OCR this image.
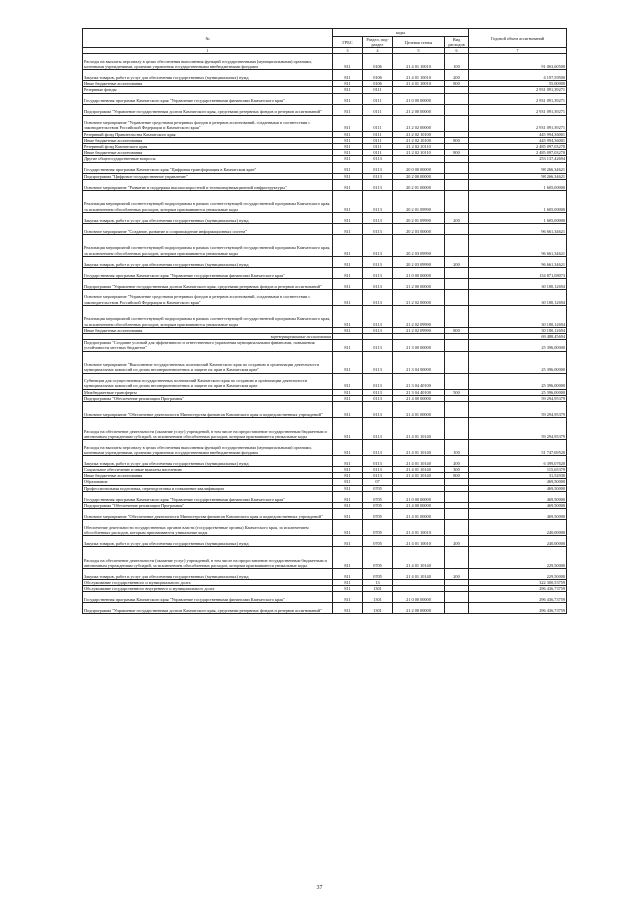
№	коды				Годовой объем ассигнований
	ГРБС	Раздел, под-раздел	Целевая статья	Вид расходов	
1	3	4	5	6	7
Расходы на выплаты персоналу в целях обеспечения выполнения функций государственными (муниципальными) органами, казенными учреждениями, органами управления государственными внебюджетными фондами	811	0106	21 4 01 10010	100	91 063,60500
Закупка товаров, работ и услуг для обеспечения государственных (муниципальных) нужд	811	0106	21 4 01 10010	200	4 197,59500
Иные бюджетные ассигнования	811	0106	21 4 01 10010	800	55,00000
Резервные фонды	811	0111			2 931 091,39271
Государственная программа Камчатского края "Управление государственными финансами Камчатского края"	811	0111	21 0 00 00000		2 931 091,39271
Подпрограмма "Управление государственным долгом Камчатского края, средствами резервных фондов и резервов ассигнований"	811	0111	21 2 00 00000		2 931 091,39271
Основное мероприятие "Управление средствами резервных фондов и резервов ассигнований, созданными в соответствии с законодательством Российской Федерации и Камчатского края"	811	0111	21 2 02 00000		2 931 091,39271
Резервный фонд Правительства Камчатского края	811	0111	21 2 02 10100		445 994,36001
Иные бюджетные ассигнования	811	0111	21 2 02 10100	800	445 994,36001
Резервный фонд Камчатского края	811	0111	21 2 02 10110		2 485 097,03270
Иные бюджетные ассигнования	811	0111	21 2 02 10110	800	2 485 097,03270
Другие общегосударственные вопросы	811	0113			253 137,42694
Государственная программа Камчатского края "Цифровая трансформация в Камчатском крае"	811	0113	20 0 00 00000		98 266,34621
Подпрограмма "Цифровое государственное управление"	811	0113	20 2 00 00000		98 266,34621
Основное мероприятие "Развитие и поддержка высокоскоростной и телекоммуникационной инфраструктуры"	811	0113	20 2 01 00000		1 605,00000
Реализация мероприятий соответствующей подпрограммы в рамках соответствующей государственной программы Камчатского края, за исключением обособленных расходов, которым присваиваются уникальные коды	811	0113	20 2 01 09990		1 605,00000
Закупка товаров, работ и услуг для обеспечения государственных (муниципальных) нужд	811	0113	20 2 01 09990	200	1 605,00000
Основное мероприятие "Создание, развитие и сопровождение информационных систем"	811	0113	20 2 03 00000		96 661,34621
Реализация мероприятий соответствующей подпрограммы в рамках соответствующей государственной программы Камчатского края, за исключением обособленных расходов, которым присваиваются уникальные коды	811	0113	20 2 03 09990		96 661,34621
Закупка товаров, работ и услуг для обеспечения государственных (муниципальных) нужд	811	0113	20 2 03 09990	200	96 661,34621
Государственная программа Камчатского края "Управление государственными финансами Камчатского края"	811	0113	21 0 00 00000		154 871,08073
Подпрограмма "Управление государственным долгом Камчатского края, средствами резервных фондов и резервов ассигнований"	811	0113	21 2 00 00000		30 180,12694
Основное мероприятие "Управление средствами резервных фондов и резервов ассигнований, созданными в соответствии с законодательством Российской Федерации и Камчатского края"	811	0113	21 2 02 00000		30 180,12694
Реализация мероприятий соответствующей подпрограммы в рамках соответствующей государственной программы Камчатского края, за исключением обособленных расходов, которым присваиваются уникальные коды	811	0113	21 2 02 09990		30 180,12694
Иные бюджетные ассигнования	811	0113	21 2 02 09990	800	30 180,12694
зарезервированные ассигнования					69 488,45694
Подпрограмма "Создание условий для эффективного и ответственного управления муниципальными финансами, повышения устойчивости местных бюджетов"	811	0113	21 3 00 00000		25 396,00000
Основное мероприятие "Выполнение государственных полномочий Камчатского края по созданию и организации деятельности муниципальных комиссий по делам несовершеннолетних и защите их прав в Камчатском крае"	811	0113	21 3 04 00000		25 396,00000
Субвенции для осуществления государственных полномочий Камчатского края по созданию и организации деятельности муниципальных комиссий по делам несовершеннолетних и защите их прав в Камчатском крае	811	0113	21 3 04 40100		25 396,00000
Межбюджетные трансферты	811	0113	21 3 04 40100	500	25 396,00000
Подпрограмма "Обеспечение реализации Программы"	811	0113	21 4 00 00000		59 294,95379
Основное мероприятие "Обеспечение деятельности Министерства финансов Камчатского края и подведомственных учреждений"	811	0113	21 4 01 00000		59 294,95379
Расходы на обеспечение деятельности (оказание услуг) учреждений, в том числе на предоставление государственным бюджетным и автономным учреждениям субсидий, за исключением обособленных расходов, которым присваиваются уникальные коды	811	0113	21 4 01 10140		59 294,95379
Расходы на выплаты персоналу в целях обеспечения выполнения функций государственными (муниципальными) органами, казенными учреждениями, органами управления государственными внебюджетными фондами	811	0113	21 4 01 10140	100	51 747,69520
Закупка товаров, работ и услуг для обеспечения государственных (муниципальных) нужд	811	0113	21 4 01 10140	200	6 399,07620
Социальное обеспечение и иные выплаты населению	811	0113	21 4 01 10140	300	115,65379
Иные бюджетные ассигнования	811	0113	21 4 01 10140	800	31,52930
Образование	811	07			469,50000
Профессиональная подготовка, переподготовка и повышение квалификации	811	0705			469,50000
Государственная программа Камчатского края "Управление государственными финансами Камчатского края"	811	0705	21 0 00 00000		469,50000
Подпрограмма "Обеспечение реализации Программы"	811	0705	21 4 00 00000		469,50000
Основное мероприятие "Обеспечение деятельности Министерства финансов Камчатского края и подведомственных учреждений"	811	0705	21 4 01 00000		469,50000
Обеспечение деятельности государственных органов власти (государственные органы) Камчатского края, за исключением обособленных расходов, которым присваиваются уникальные коды	811	0705	21 4 01 10010		240,00000
Закупка товаров, работ и услуг для обеспечения государственных (муниципальных) нужд	811	0705	21 4 01 10010	200	240,00000
Расходы на обеспечение деятельности (оказание услуг) учреждений, в том числе на предоставление государственным бюджетным и автономным учреждениям субсидий, за исключением обособленных расходов, которым присваиваются уникальные коды	811	0705	21 4 01 10140		229,50000
Закупка товаров, работ и услуг для обеспечения государственных (муниципальных) нужд	811	0705	21 4 01 10140	200	229,50000
Обслуживание государственного и муниципального долга	811	13			322 300,53759
Обслуживание государственного внутреннего и муниципального долга	811	1301			296 436,73759
Государственная программа Камчатского края "Управление государственными финансами Камчатского края"	811	1301	21 0 00 00000		296 436,73759
Подпрограмма "Управление государственным долгом Камчатского края, средствами резервных фондов и резервов ассигнований"	811	1301	21 2 00 00000		296 436,73759
37
